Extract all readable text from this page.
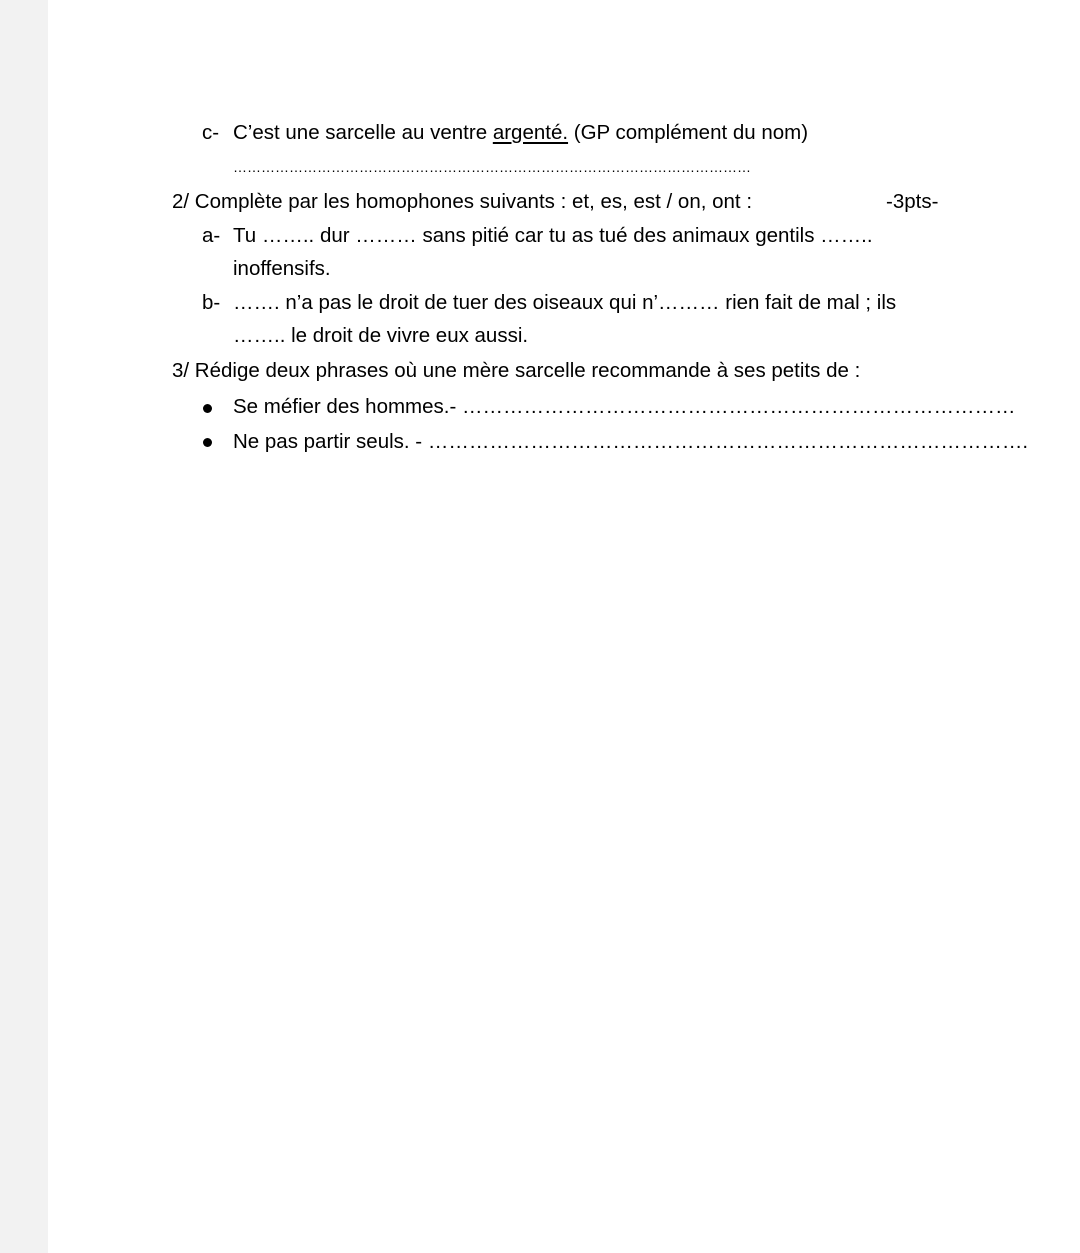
c- C’est une sarcelle au ventre argenté. (GP complément du nom)
…………………………………………………………………………………………………
2/ Complète par les homophones suivants : et, es, est / on, ont :	-3pts-
a- Tu …….. dur ……… sans pitié car tu as tué des animaux gentils ……..
inoffensifs.
b- ……. n’a pas le droit de tuer des oiseaux qui n’……… rien fait de mal ; ils
…….. le droit de vivre eux aussi.
3/ Rédige deux phrases où une mère sarcelle recommande à ses petits de :
Se méfier des hommes.- ………………………………………………………………………
Ne pas partir seuls. - …………………………………………………………………………….
